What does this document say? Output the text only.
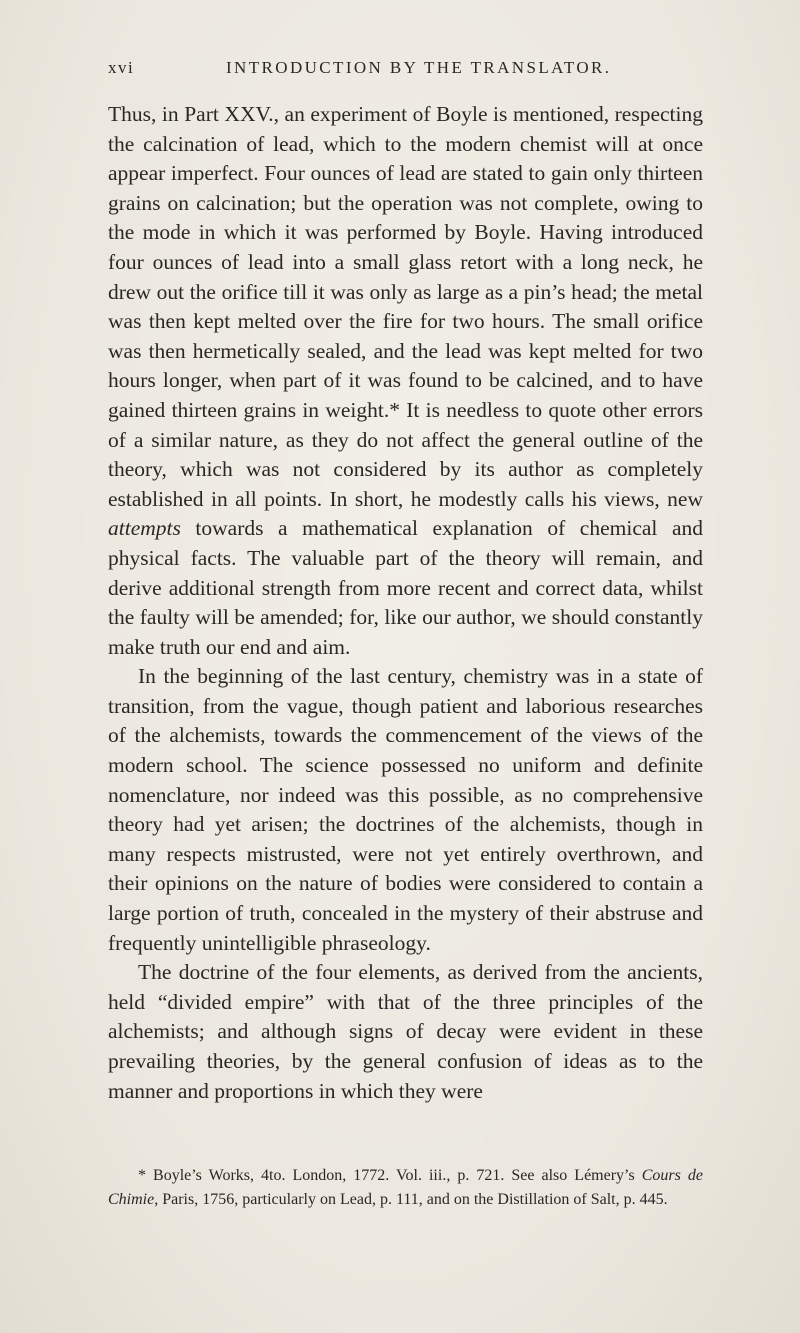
xvi	INTRODUCTION BY THE TRANSLATOR.

Thus, in Part XXV., an experiment of Boyle is mentioned, respecting the calcination of lead, which to the modern chemist will at once appear imperfect. Four ounces of lead are stated to gain only thirteen grains on calcination; but the operation was not complete, owing to the mode in which it was performed by Boyle. Having introduced four ounces of lead into a small glass retort with a long neck, he drew out the orifice till it was only as large as a pin’s head; the metal was then kept melted over the fire for two hours. The small orifice was then hermetically sealed, and the lead was kept melted for two hours longer, when part of it was found to be calcined, and to have gained thirteen grains in weight.* It is needless to quote other errors of a similar nature, as they do not affect the general outline of the theory, which was not considered by its author as completely established in all points. In short, he modestly calls his views, new attempts towards a mathematical explanation of chemical and physical facts. The valuable part of the theory will remain, and derive additional strength from more recent and correct data, whilst the faulty will be amended; for, like our author, we should constantly make truth our end and aim.

In the beginning of the last century, chemistry was in a state of transition, from the vague, though patient and laborious researches of the alchemists, towards the commencement of the views of the modern school. The science possessed no uniform and definite nomenclature, nor indeed was this possible, as no comprehensive theory had yet arisen; the doctrines of the alchemists, though in many respects mistrusted, were not yet entirely overthrown, and their opinions on the nature of bodies were considered to contain a large portion of truth, concealed in the mystery of their abstruse and frequently unintelligible phraseology.

The doctrine of the four elements, as derived from the ancients, held “divided empire” with that of the three principles of the alchemists; and although signs of decay were evident in these prevailing theories, by the general confusion of ideas as to the manner and proportions in which they were

* Boyle’s Works, 4to. London, 1772. Vol. iii., p. 721. See also Lémery’s Cours de Chimie, Paris, 1756, particularly on Lead, p. 111, and on the Distillation of Salt, p. 445.
